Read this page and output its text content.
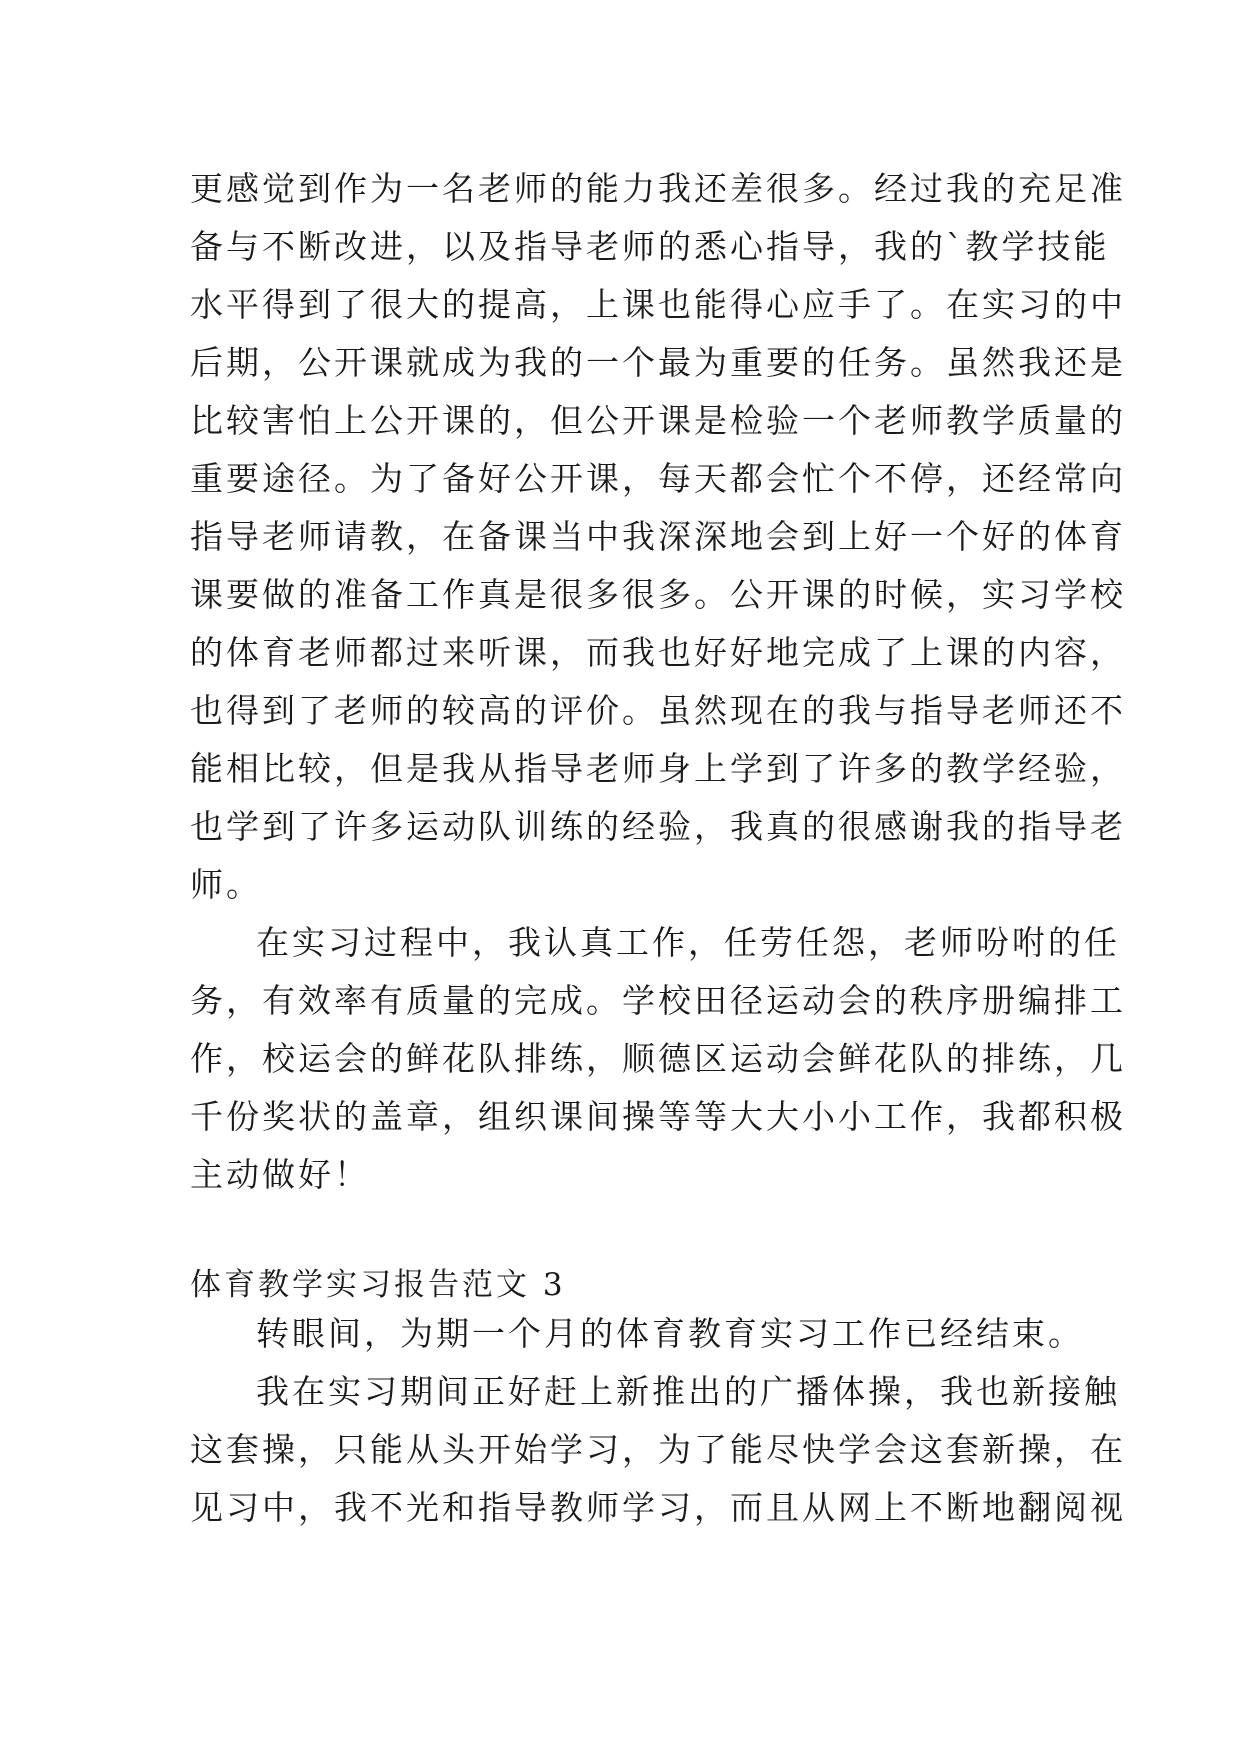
更感觉到作为一名老师的能力我还差很多。经过我的充足准
备与不断改进，以及指导老师的悉心指导，我的`教学技能
水平得到了很大的提高，上课也能得心应手了。在实习的中
后期，公开课就成为我的一个最为重要的任务。虽然我还是
比较害怕上公开课的，但公开课是检验一个老师教学质量的
重要途径。为了备好公开课，每天都会忙个不停，还经常向
指导老师请教，在备课当中我深深地会到上好一个好的体育
课要做的准备工作真是很多很多。公开课的时候，实习学校
的体育老师都过来听课，而我也好好地完成了上课的内容，
也得到了老师的较高的评价。虽然现在的我与指导老师还不
能相比较，但是我从指导老师身上学到了许多的教学经验，
也学到了许多运动队训练的经验，我真的很感谢我的指导老
师。
在实习过程中，我认真工作，任劳任怨，老师吩咐的任
务，有效率有质量的完成。学校田径运动会的秩序册编排工
作，校运会的鲜花队排练，顺德区运动会鲜花队的排练，几
千份奖状的盖章，组织课间操等等大大小小工作，我都积极
主动做好！
体育教学实习报告范文 3
转眼间，为期一个月的体育教育实习工作已经结束。
我在实习期间正好赶上新推出的广播体操，我也新接触
这套操，只能从头开始学习，为了能尽快学会这套新操，在
见习中，我不光和指导教师学习，而且从网上不断地翻阅视
